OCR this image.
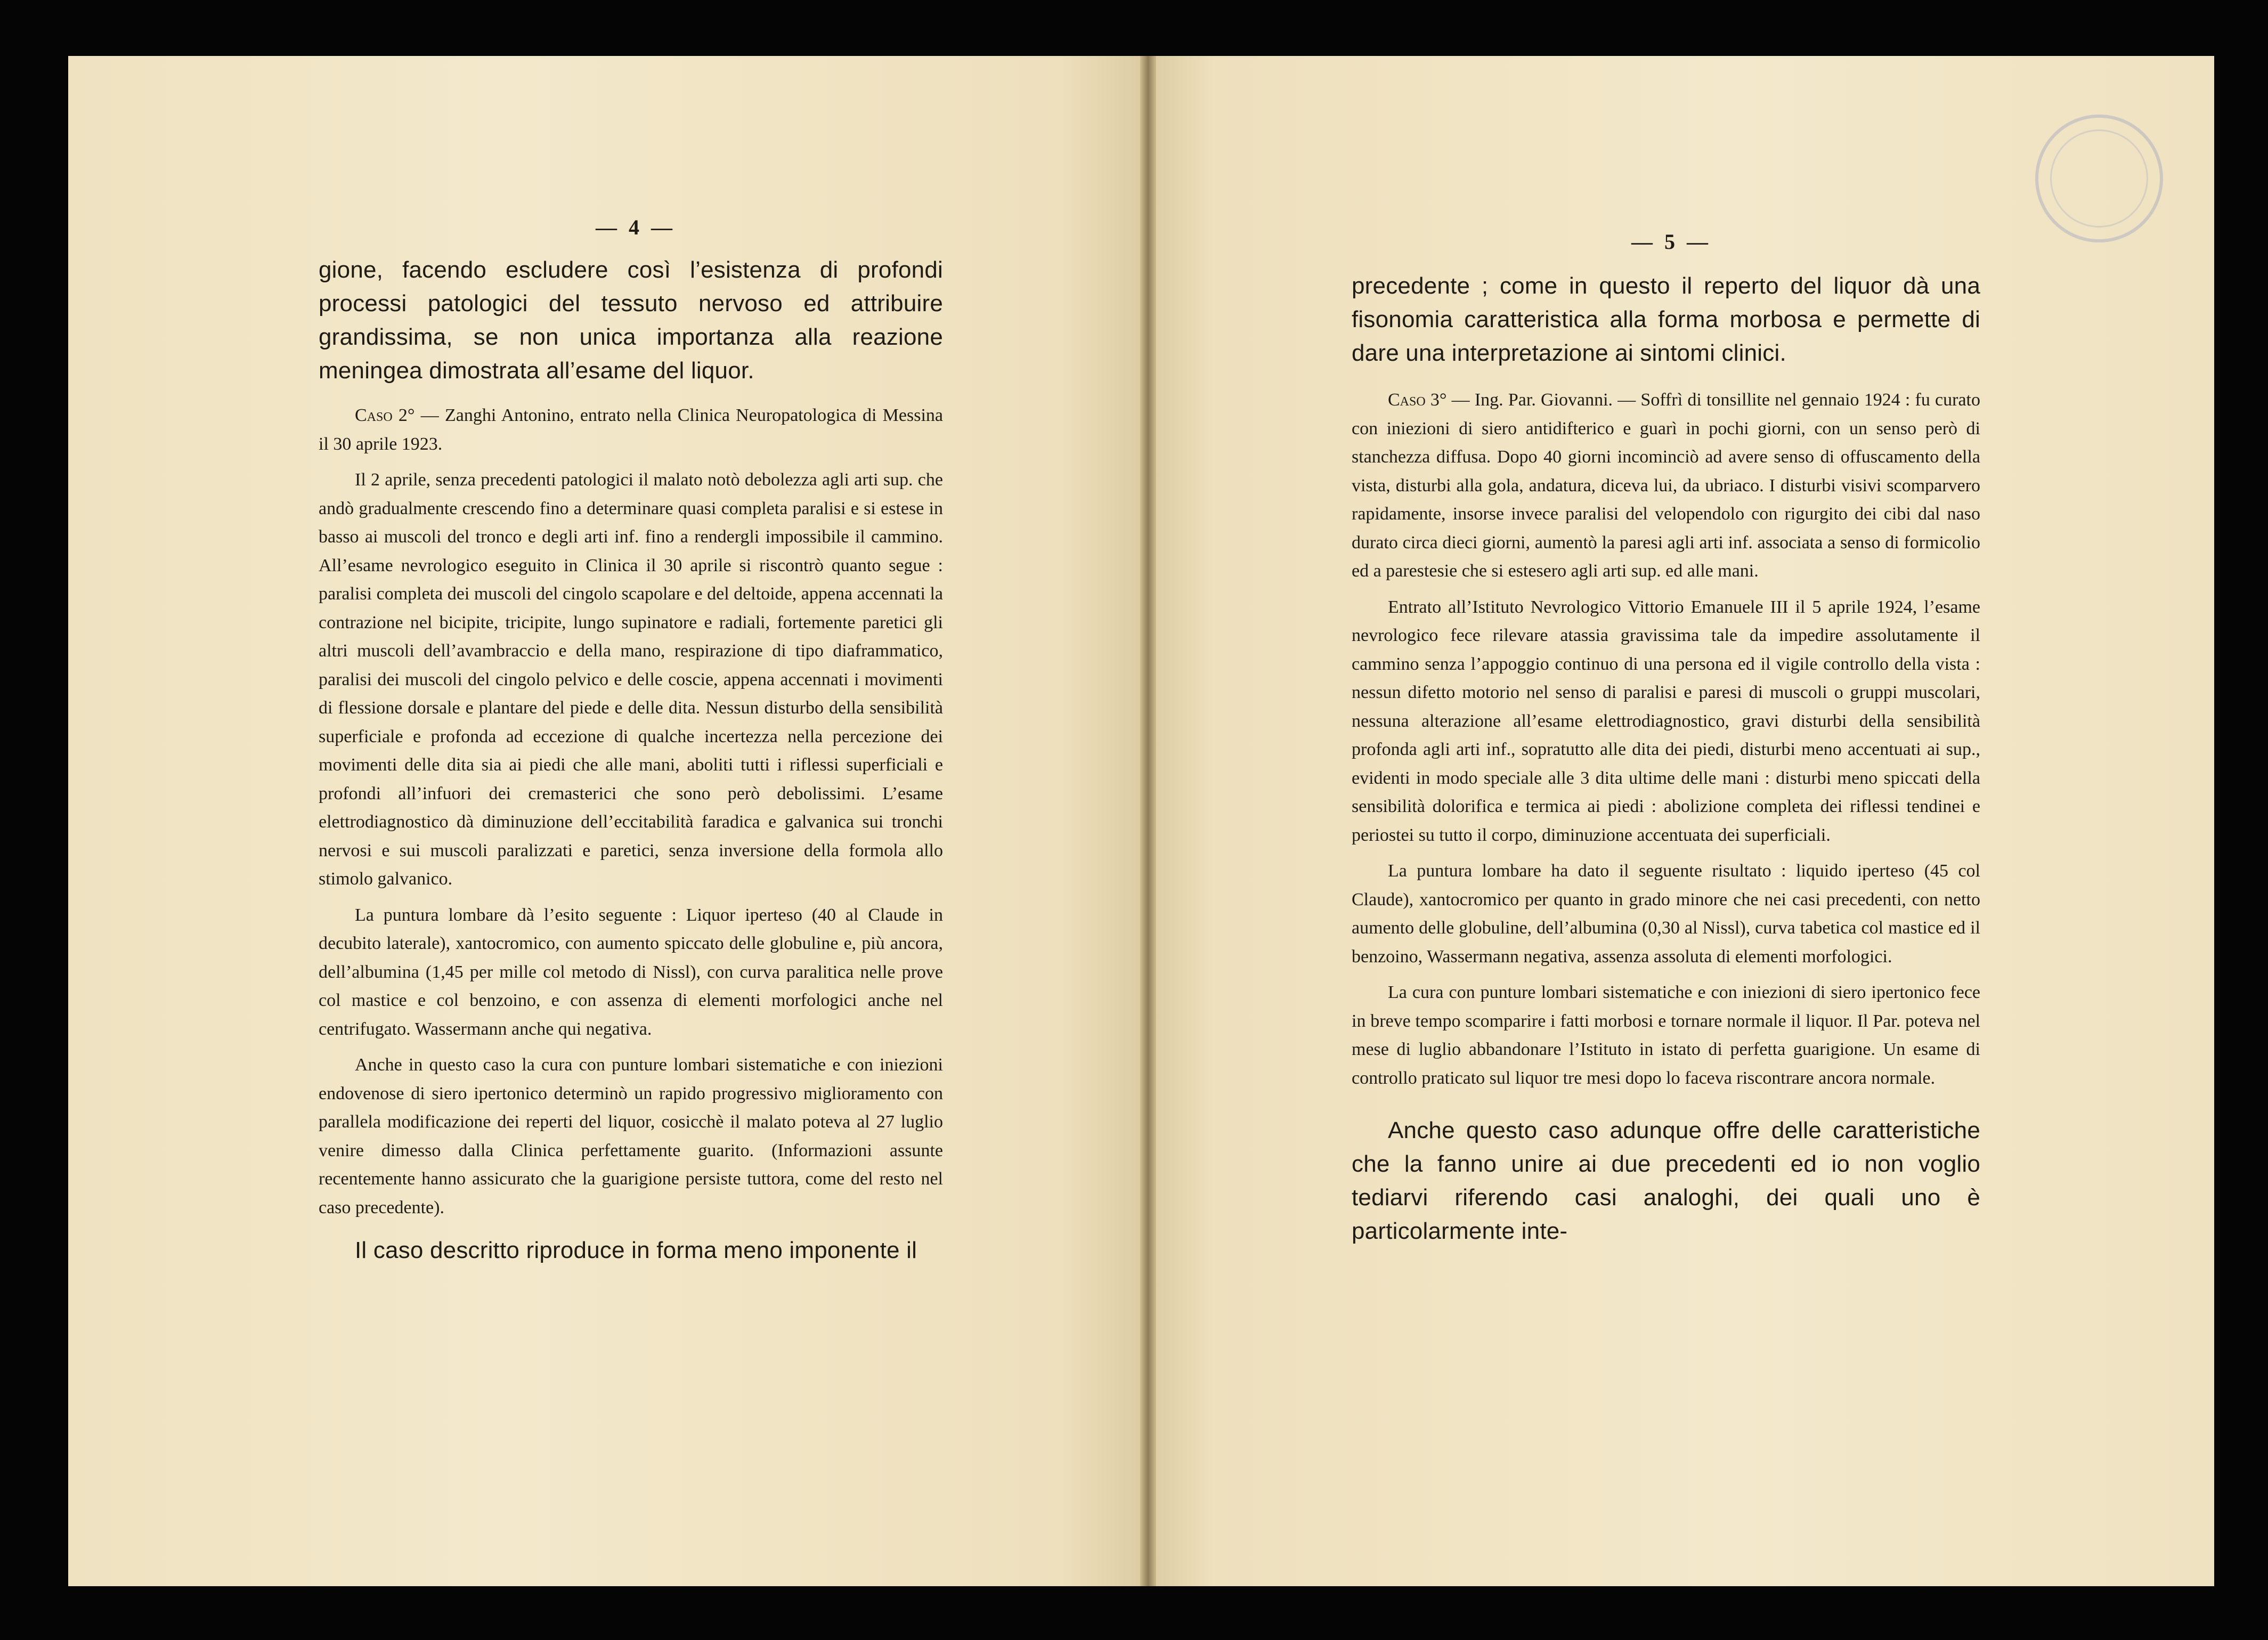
— 4 —
— 5 —

gione, facendo escludere così l’esistenza di profondi processi patologici del tessuto nervoso ed attribuire grandissima, se non unica importanza alla reazione meningea dimostrata all’esame del liquor.

Caso 2° — Zanghi Antonino, entrato nella Clinica Neuropatologica di Messina il 30 aprile 1923.

Il 2 aprile, senza precedenti patologici il malato notò debolezza agli arti sup. che andò gradualmente crescendo fino a determinare quasi completa paralisi e si estese in basso ai muscoli del tronco e degli arti inf. fino a rendergli impossibile il cammino. All’esame nevrologico eseguito in Clinica il 30 aprile si riscontrò quanto segue : paralisi completa dei muscoli del cingolo scapolare e del deltoide, appena accennati la contrazione nel bicipite, tricipite, lungo supinatore e radiali, fortemente paretici gli altri muscoli dell’avambraccio e della mano, respirazione di tipo diaframmatico, paralisi dei muscoli del cingolo pelvico e delle coscie, appena accennati i movimenti di flessione dorsale e plantare del piede e delle dita. Nessun disturbo della sensibilità superficiale e profonda ad eccezione di qualche incertezza nella percezione dei movimenti delle dita sia ai piedi che alle mani, aboliti tutti i riflessi superficiali e profondi all’infuori dei cremasterici che sono però debolissimi. L’esame elettrodiagnostico dà diminuzione dell’eccitabilità faradica e galvanica sui tronchi nervosi e sui muscoli paralizzati e paretici, senza inversione della formola allo stimolo galvanico.

La puntura lombare dà l’esito seguente : Liquor iperteso (40 al Claude in decubito laterale), xantocromico, con aumento spiccato delle globuline e, più ancora, dell’albumina (1,45 per mille col metodo di Nissl), con curva paralitica nelle prove col mastice e col benzoino, e con assenza di elementi morfologici anche nel centrifugato. Wassermann anche qui negativa.

Anche in questo caso la cura con punture lombari sistematiche e con iniezioni endovenose di siero ipertonico determinò un rapido progressivo miglioramento con parallela modificazione dei reperti del liquor, cosicchè il malato poteva al 27 luglio venire dimesso dalla Clinica perfettamente guarito. (Informazioni assunte recentemente hanno assicurato che la guarigione persiste tuttora, come del resto nel caso precedente).

Il caso descritto riproduce in forma meno imponente il

precedente ; come in questo il reperto del liquor dà una fisonomia caratteristica alla forma morbosa e permette di dare una interpretazione ai sintomi clinici.

Caso 3° — Ing. Par. Giovanni. — Soffrì di tonsillite nel gennaio 1924 : fu curato con iniezioni di siero antidifterico e guarì in pochi giorni, con un senso però di stanchezza diffusa. Dopo 40 giorni incominciò ad avere senso di offuscamento della vista, disturbi alla gola, andatura, diceva lui, da ubriaco. I disturbi visivi scomparvero rapidamente, insorse invece paralisi del velopendolo con rigurgito dei cibi dal naso durato circa dieci giorni, aumentò la paresi agli arti inf. associata a senso di formicolio ed a parestesie che si estesero agli arti sup. ed alle mani.

Entrato all’Istituto Nevrologico Vittorio Emanuele III il 5 aprile 1924, l’esame nevrologico fece rilevare atassia gravissima tale da impedire assolutamente il cammino senza l’appoggio continuo di una persona ed il vigile controllo della vista : nessun difetto motorio nel senso di paralisi e paresi di muscoli o gruppi muscolari, nessuna alterazione all’esame elettrodiagnostico, gravi disturbi della sensibilità profonda agli arti inf., sopratutto alle dita dei piedi, disturbi meno accentuati ai sup., evidenti in modo speciale alle 3 dita ultime delle mani : disturbi meno spiccati della sensibilità dolorifica e termica ai piedi : abolizione completa dei riflessi tendinei e periostei su tutto il corpo, diminuzione accentuata dei superficiali.

La puntura lombare ha dato il seguente risultato : liquido iperteso (45 col Claude), xantocromico per quanto in grado minore che nei casi precedenti, con netto aumento delle globuline, dell’albumina (0,30 al Nissl), curva tabetica col mastice ed il benzoino, Wassermann negativa, assenza assoluta di elementi morfologici.

La cura con punture lombari sistematiche e con iniezioni di siero ipertonico fece in breve tempo scomparire i fatti morbosi e tornare normale il liquor. Il Par. poteva nel mese di luglio abbandonare l’Istituto in istato di perfetta guarigione. Un esame di controllo praticato sul liquor tre mesi dopo lo faceva riscontrare ancora normale.

Anche questo caso adunque offre delle caratteristiche che la fanno unire ai due precedenti ed io non voglio tediarvi riferendo casi analoghi, dei quali uno è particolarmente inte-
